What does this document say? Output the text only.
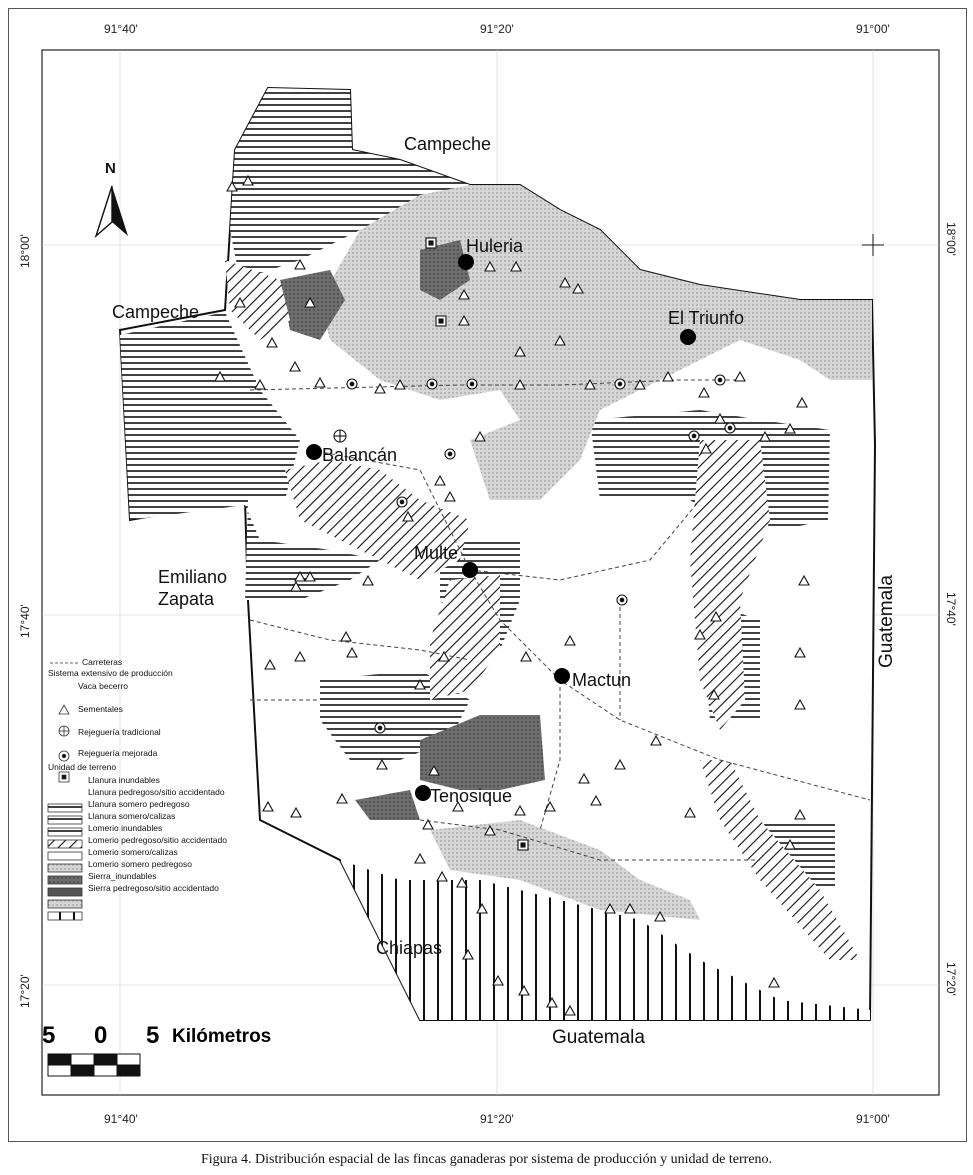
91°40'	91°20'	91°00'
91°40'	91°20'	91°00'
18°00'
17°40'
17°20'
18°00'
17°40'
17°20'
N
Campeche
Campeche
Huleria
El Triunfo
Balancán
Multe
Emiliano
Zapata
Mactun
Tenosique
Chiapas
Guatemala
Guatemala
Carreteras
Sistema extensivo de producción
Vaca becerro
Sementales
Rejeguería tradicional
Rejeguería mejorada
Unidad de terreno
Llanura inundables
Llanura pedregoso/sitio accidentado
Llanura somero pedregoso
Llanura somero/calizas
Lomerio inundables
Lomerio pedregoso/sitio accidentado
Lomerio somero/calizas
Lomerio somero pedregoso
Sierra_inundables
Sierra pedregoso/sitio accidentado
5 0 5
Kilómetros
Figura 4. Distribución espacial de las fincas ganaderas por sistema de producción y unidad de terreno.
